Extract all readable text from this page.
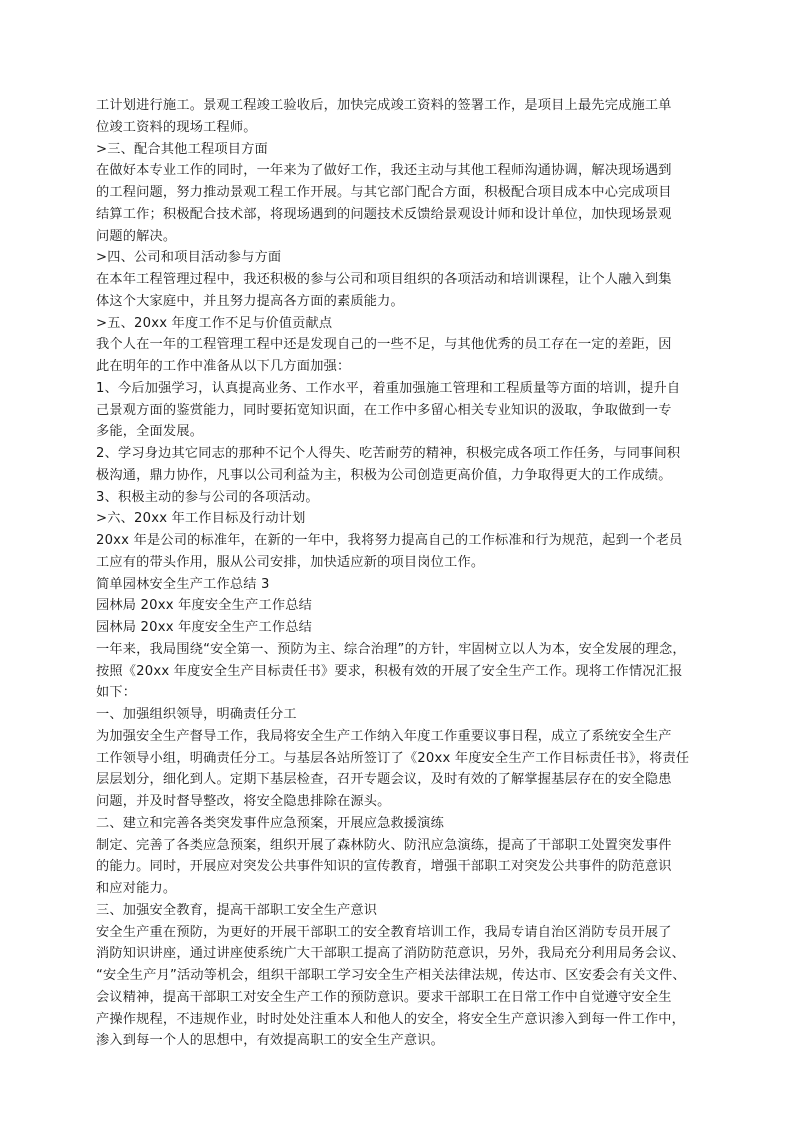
工计划进行施工。景观工程竣工验收后，加快完成竣工资料的签署工作，是项目上最先完成施工单
位竣工资料的现场工程师。
>三、配合其他工程项目方面
在做好本专业工作的同时，一年来为了做好工作，我还主动与其他工程师沟通协调，解决现场遇到
的工程问题，努力推动景观工程工作开展。与其它部门配合方面，积极配合项目成本中心完成项目
结算工作；积极配合技术部，将现场遇到的问题技术反馈给景观设计师和设计单位，加快现场景观
问题的解决。
>四、公司和项目活动参与方面
在本年工程管理过程中，我还积极的参与公司和项目组织的各项活动和培训课程，让个人融入到集
体这个大家庭中，并且努力提高各方面的素质能力。
>五、20xx 年度工作不足与价值贡献点
我个人在一年的工程管理工程中还是发现自己的一些不足，与其他优秀的员工存在一定的差距，因
此在明年的工作中准备从以下几方面加强：
1、今后加强学习，认真提高业务、工作水平，着重加强施工管理和工程质量等方面的培训，提升自
己景观方面的鉴赏能力，同时要拓宽知识面，在工作中多留心相关专业知识的汲取，争取做到一专
多能，全面发展。
2、学习身边其它同志的那种不记个人得失、吃苦耐劳的精神，积极完成各项工作任务，与同事间积
极沟通，鼎力协作，凡事以公司利益为主，积极为公司创造更高价值，力争取得更大的工作成绩。
3、积极主动的参与公司的各项活动。
>六、20xx 年工作目标及行动计划
20xx 年是公司的标准年，在新的一年中，我将努力提高自己的工作标准和行为规范，起到一个老员
工应有的带头作用，服从公司安排，加快适应新的项目岗位工作。
简单园林安全生产工作总结 3
园林局 20xx 年度安全生产工作总结
园林局 20xx 年度安全生产工作总结
一年来，我局围绕“安全第一、预防为主、综合治理”的方针，牢固树立以人为本，安全发展的理念，
按照《20xx 年度安全生产目标责任书》要求，积极有效的开展了安全生产工作。现将工作情况汇报
如下：
一、加强组织领导，明确责任分工
为加强安全生产督导工作，我局将安全生产工作纳入年度工作重要议事日程，成立了系统安全生产
工作领导小组，明确责任分工。与基层各站所签订了《20xx 年度安全生产工作目标责任书》，将责任
层层划分，细化到人。定期下基层检查，召开专题会议，及时有效的了解掌握基层存在的安全隐患
问题，并及时督导整改，将安全隐患排除在源头。
二、建立和完善各类突发事件应急预案，开展应急救援演练
制定、完善了各类应急预案，组织开展了森林防火、防汛应急演练，提高了干部职工处置突发事件
的能力。同时，开展应对突发公共事件知识的宣传教育，增强干部职工对突发公共事件的防范意识
和应对能力。
三、加强安全教育，提高干部职工安全生产意识
安全生产重在预防，为更好的开展干部职工的安全教育培训工作，我局专请自治区消防专员开展了
消防知识讲座，通过讲座使系统广大干部职工提高了消防防范意识，另外，我局充分利用局务会议、
“安全生产月”活动等机会，组织干部职工学习安全生产相关法律法规，传达市、区安委会有关文件、
会议精神，提高干部职工对安全生产工作的预防意识。要求干部职工在日常工作中自觉遵守安全生
产操作规程，不违规作业，时时处处注重本人和他人的安全，将安全生产意识渗入到每一件工作中，
渗入到每一个人的思想中，有效提高职工的安全生产意识。
